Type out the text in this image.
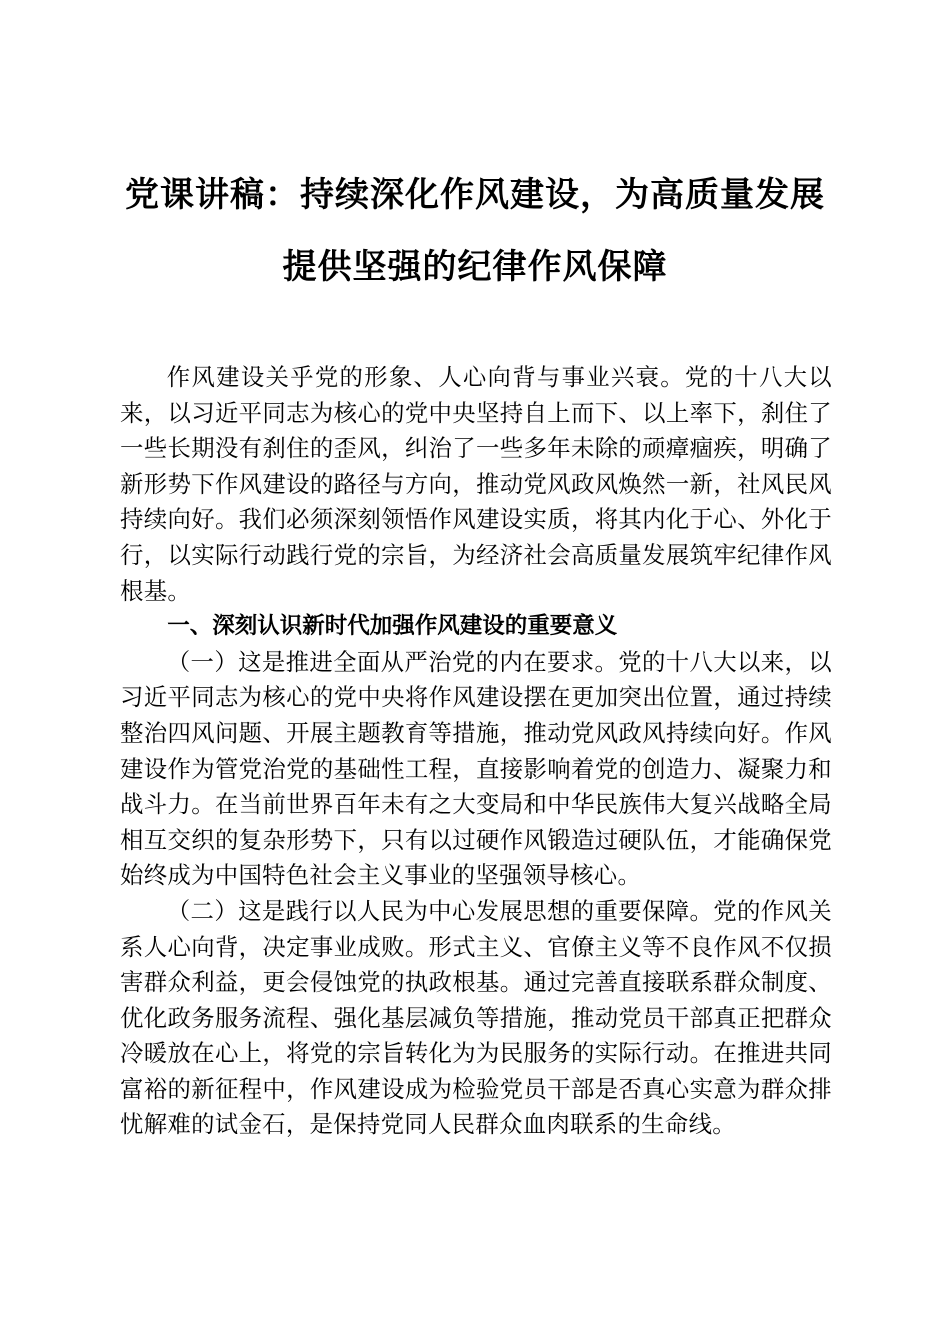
党课讲稿：持续深化作风建设，为高质量发展
提供坚强的纪律作风保障

作风建设关乎党的形象、人心向背与事业兴衰。党的十八大以来，以习近平同志为核心的党中央坚持自上而下、以上率下，刹住了一些长期没有刹住的歪风，纠治了一些多年未除的顽瘴痼疾，明确了新形势下作风建设的路径与方向，推动党风政风焕然一新，社风民风持续向好。我们必须深刻领悟作风建设实质，将其内化于心、外化于行，以实际行动践行党的宗旨，为经济社会高质量发展筑牢纪律作风根基。

一、深刻认识新时代加强作风建设的重要意义

（一）这是推进全面从严治党的内在要求。党的十八大以来，以习近平同志为核心的党中央将作风建设摆在更加突出位置，通过持续整治四风问题、开展主题教育等措施，推动党风政风持续向好。作风建设作为管党治党的基础性工程，直接影响着党的创造力、凝聚力和战斗力。在当前世界百年未有之大变局和中华民族伟大复兴战略全局相互交织的复杂形势下，只有以过硬作风锻造过硬队伍，才能确保党始终成为中国特色社会主义事业的坚强领导核心。

（二）这是践行以人民为中心发展思想的重要保障。党的作风关系人心向背，决定事业成败。形式主义、官僚主义等不良作风不仅损害群众利益，更会侵蚀党的执政根基。通过完善直接联系群众制度、优化政务服务流程、强化基层减负等措施，推动党员干部真正把群众冷暖放在心上，将党的宗旨转化为为民服务的实际行动。在推进共同富裕的新征程中，作风建设成为检验党员干部是否真心实意为群众排忧解难的试金石，是保持党同人民群众血肉联系的生命线。
